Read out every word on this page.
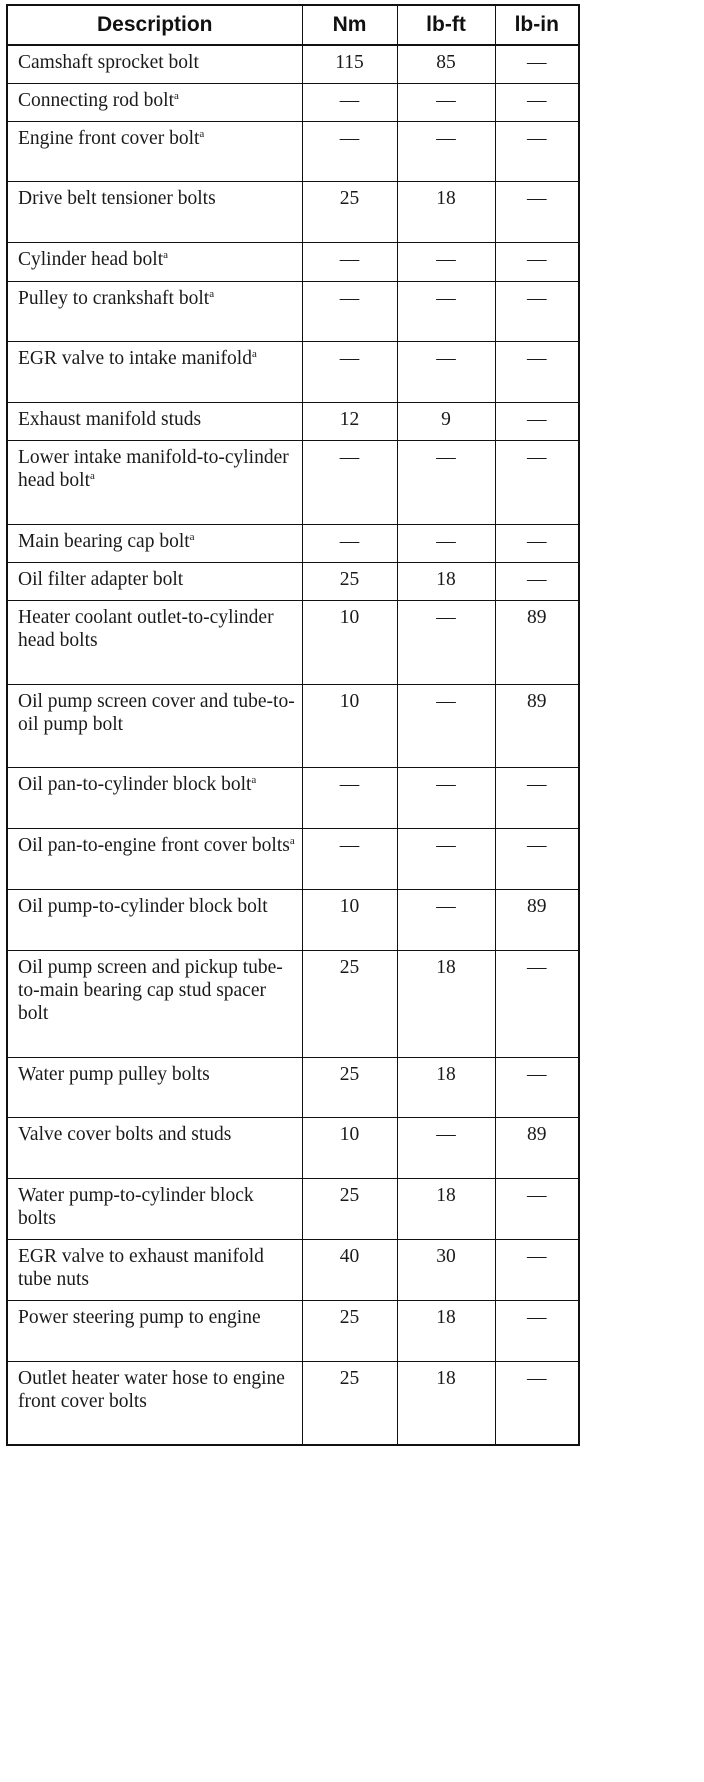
Description	Nm	lb-ft	lb-in
Camshaft sprocket bolt	115	85	—
Connecting rod bolt$^a$	—	—	—
Engine front cover bolt$^a$	—	—	—
Drive belt tensioner bolts	25	18	—
Cylinder head bolt$^a$	—	—	—
Pulley to crankshaft bolt$^a$	—	—	—
EGR valve to intake manifold$^a$	—	—	—
Exhaust manifold studs	12	9	—
Lower intake manifold-to-cylinder head bolt$^a$	—	—	—
Main bearing cap bolt$^a$	—	—	—
Oil filter adapter bolt	25	18	—
Heater coolant outlet-to-cylinder head bolts	10	—	89
Oil pump screen cover and tube-to-oil pump bolt	10	—	89
Oil pan-to-cylinder block bolt$^a$	—	—	—
Oil pan-to-engine front cover bolts$^a$	—	—	—
Oil pump-to-cylinder block bolt	10	—	89
Oil pump screen and pickup tube-to-main bearing cap stud spacer bolt	25	18	—
Water pump pulley bolts	25	18	—
Valve cover bolts and studs	10	—	89
Water pump-to-cylinder block bolts	25	18	—
EGR valve to exhaust manifold tube nuts	40	30	—
Power steering pump to engine	25	18	—
Outlet heater water hose to engine front cover bolts	25	18	—
